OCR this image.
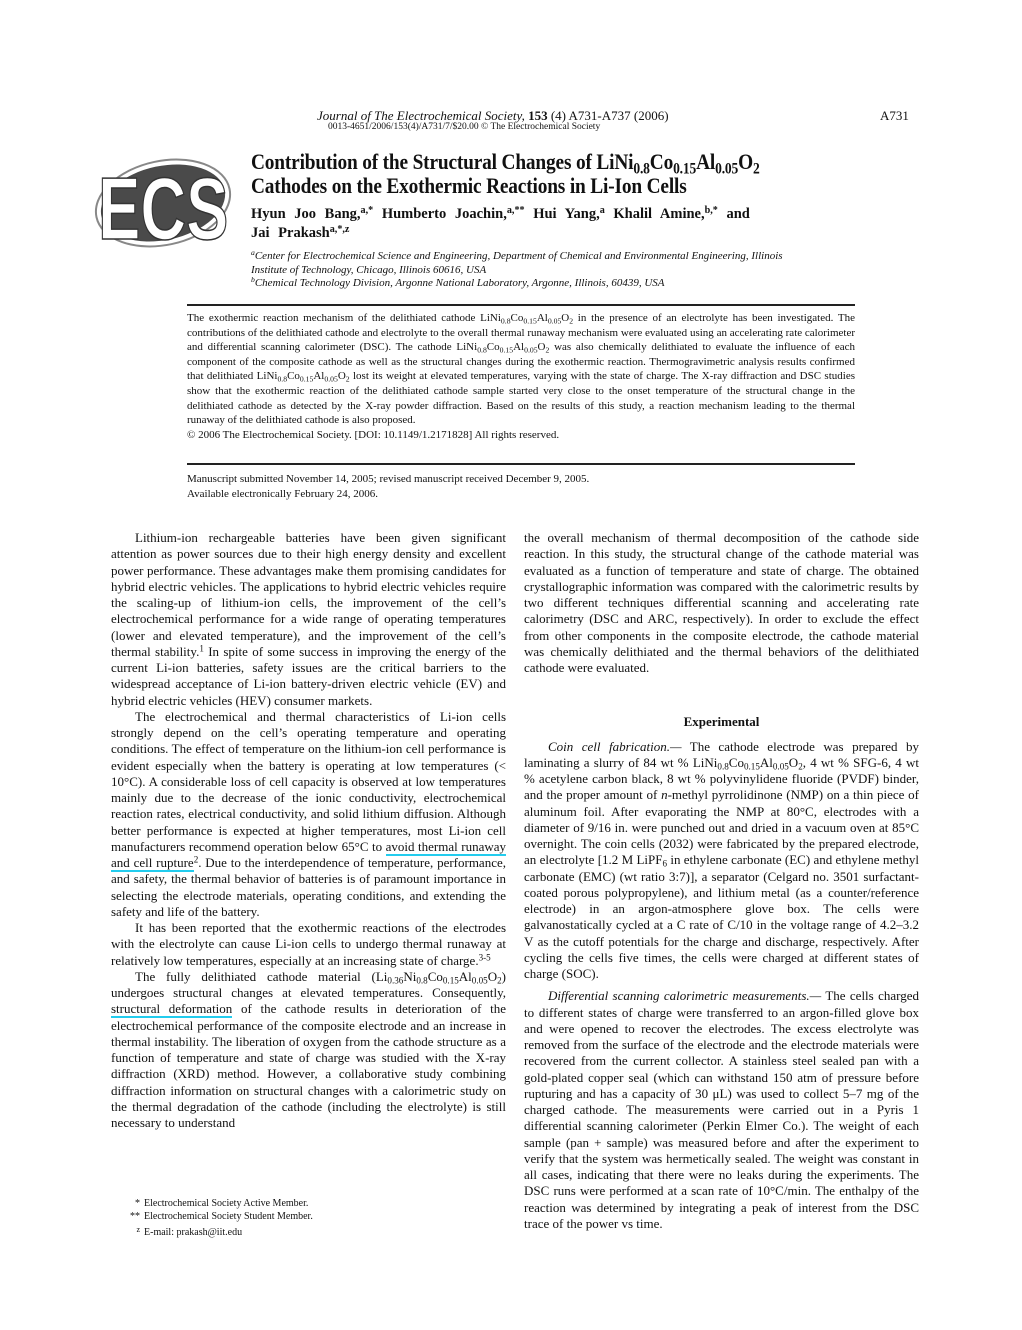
Journal of The Electrochemical Society, 153 (4) A731-A737 (2006)	A731
0013-4651/2006/153(4)/A731/7/$20.00 © The Electrochemical Society
ECS Contribution of the Structural Changes of $LiNi_{0.8}Co_{0.15}Al_{0.05}O_2$
Cathodes on the Exothermic Reactions in Li-Ion Cells
Hyun Joo Bang,$^{a,*}$ Humberto Joachin,$^{a,**}$ Hui Yang,$^a$ Khalil Amine,$^{b,*}$ and
Jai Prakash$^{a,*,z}$
$^a$Center for Electrochemical Science and Engineering, Department of Chemical and Environmental Engineering, Illinois Institute of Technology, Chicago, Illinois 60616, USA
$^b$Chemical Technology Division, Argonne National Laboratory, Argonne, Illinois, 60439, USA
The exothermic reaction mechanism of the delithiated cathode $LiNi_{0.8}Co_{0.15}Al_{0.05}O_2$ in the presence of an electrolyte has been investigated. The contributions of the delithiated cathode and electrolyte to the overall thermal runaway mechanism were evaluated using an accelerating rate calorimeter and differential scanning calorimeter (DSC). The cathode $LiNi_{0.8}Co_{0.15}Al_{0.05}O_2$ was also chemically delithiated to evaluate the influence of each component of the composite cathode as well as the structural changes during the exothermic reaction. Thermogravimetric analysis results confirmed that delithiated $LiNi_{0.8}Co_{0.15}Al_{0.05}O_2$ lost its weight at elevated temperatures, varying with the state of charge. The X-ray diffraction and DSC studies show that the exothermic reaction of the delithiated cathode sample started very close to the onset temperature of the structural change in the delithiated cathode as detected by the X-ray powder diffraction. Based on the results of this study, a reaction mechanism leading to the thermal runaway of the delithiated cathode is also proposed.
© 2006 The Electrochemical Society. [DOI: 10.1149/1.2171828] All rights reserved.
Manuscript submitted November 14, 2005; revised manuscript received December 9, 2005.
Available electronically February 24, 2006.

Lithium-ion rechargeable batteries have been given significant attention as power sources due to their high energy density and excellent power performance. These advantages make them promising candidates for hybrid electric vehicles. The applications to hybrid electric vehicles require the scaling-up of lithium-ion cells, the improvement of the cell’s electrochemical performance for a wide range of operating temperatures (lower and elevated temperature), and the improvement of the cell’s thermal stability.$^1$ In spite of some success in improving the energy of the current Li-ion batteries, safety issues are the critical barriers to the widespread acceptance of Li-ion battery-driven electric vehicle (EV) and hybrid electric vehicles (HEV) consumer markets.

The electrochemical and thermal characteristics of Li-ion cells strongly depend on the cell’s operating temperature and operating conditions. The effect of temperature on the lithium-ion cell performance is evident especially when the battery is operating at low temperatures (< 10°C). A considerable loss of cell capacity is observed at low temperatures mainly due to the decrease of the ionic conductivity, electrochemical reaction rates, electrical conductivity, and solid lithium diffusion. Although better performance is expected at higher temperatures, most Li-ion cell manufacturers recommend operation below 65°C to avoid thermal runaway and cell rupture$^2$. Due to the interdependence of temperature, performance, and safety, the thermal behavior of batteries is of paramount importance in selecting the electrode materials, operating conditions, and extending the safety and life of the battery.

It has been reported that the exothermic reactions of the electrodes with the electrolyte can cause Li-ion cells to undergo thermal runaway at relatively low temperatures, especially at an increasing state of charge.$^{3-5}$

The fully delithiated cathode material $(Li_{0.36}Ni_{0.8}Co_{0.15}Al_{0.05}O_2)$ undergoes structural changes at elevated temperatures. Consequently, structural deformation of the cathode results in deterioration of the electrochemical performance of the composite electrode and an increase in thermal instability. The liberation of oxygen from the cathode structure as a function of temperature and state of charge was studied with the X-ray diffraction (XRD) method. However, a collaborative study combining diffraction information on structural changes with a calorimetric study on the thermal degradation of the cathode (including the electrolyte) is still necessary to understand

* Electrochemical Society Active Member.
** Electrochemical Society Student Member.
z E-mail: prakash@iit.edu

the overall mechanism of thermal decomposition of the cathode side reaction. In this study, the structural change of the cathode material was evaluated as a function of temperature and state of charge. The obtained crystallographic information was compared with the calorimetric results by two different techniques differential scanning and accelerating rate calorimetry (DSC and ARC, respectively). In order to exclude the effect from other components in the composite electrode, the cathode material was chemically delithiated and the thermal behaviors of the delithiated cathode were evaluated.

Experimental

Coin cell fabrication.— The cathode electrode was prepared by laminating a slurry of 84 wt % $LiNi_{0.8}Co_{0.15}Al_{0.05}O_2$, 4 wt % SFG-6, 4 wt % acetylene carbon black, 8 wt % polyvinylidene fluoride (PVDF) binder, and the proper amount of n-methyl pyrrolidinone (NMP) on a thin piece of aluminum foil. After evaporating the NMP at 80°C, electrodes with a diameter of 9/16 in. were punched out and dried in a vacuum oven at 85°C overnight. The coin cells (2032) were fabricated by the prepared electrode, an electrolyte [1.2 M LiPF$_6$ in ethylene carbonate (EC) and ethylene methyl carbonate (EMC) (wt ratio 3:7)], a separator (Celgard no. 3501 surfactant-coated porous polypropylene), and lithium metal (as a counter/reference electrode) in an argon-atmosphere glove box. The cells were galvanostatically cycled at a C rate of C/10 in the voltage range of 4.2–3.2 V as the cutoff potentials for the charge and discharge, respectively. After cycling the cells five times, the cells were charged at different states of charge (SOC).

Differential scanning calorimetric measurements.— The cells charged to different states of charge were transferred to an argon-filled glove box and were opened to recover the electrodes. The excess electrolyte was removed from the surface of the electrode and the electrode materials were recovered from the current collector. A stainless steel sealed pan with a gold-plated copper seal (which can withstand 150 atm of pressure before rupturing and has a capacity of 30 μL) was used to collect 5–7 mg of the charged cathode. The measurements were carried out in a Pyris 1 differential scanning calorimeter (Perkin Elmer Co.). The weight of each sample (pan + sample) was measured before and after the experiment to verify that the system was hermetically sealed. The weight was constant in all cases, indicating that there were no leaks during the experiments. The DSC runs were performed at a scan rate of 10°C/min. The enthalpy of the reaction was determined by integrating a peak of interest from the DSC trace of the power vs time.
